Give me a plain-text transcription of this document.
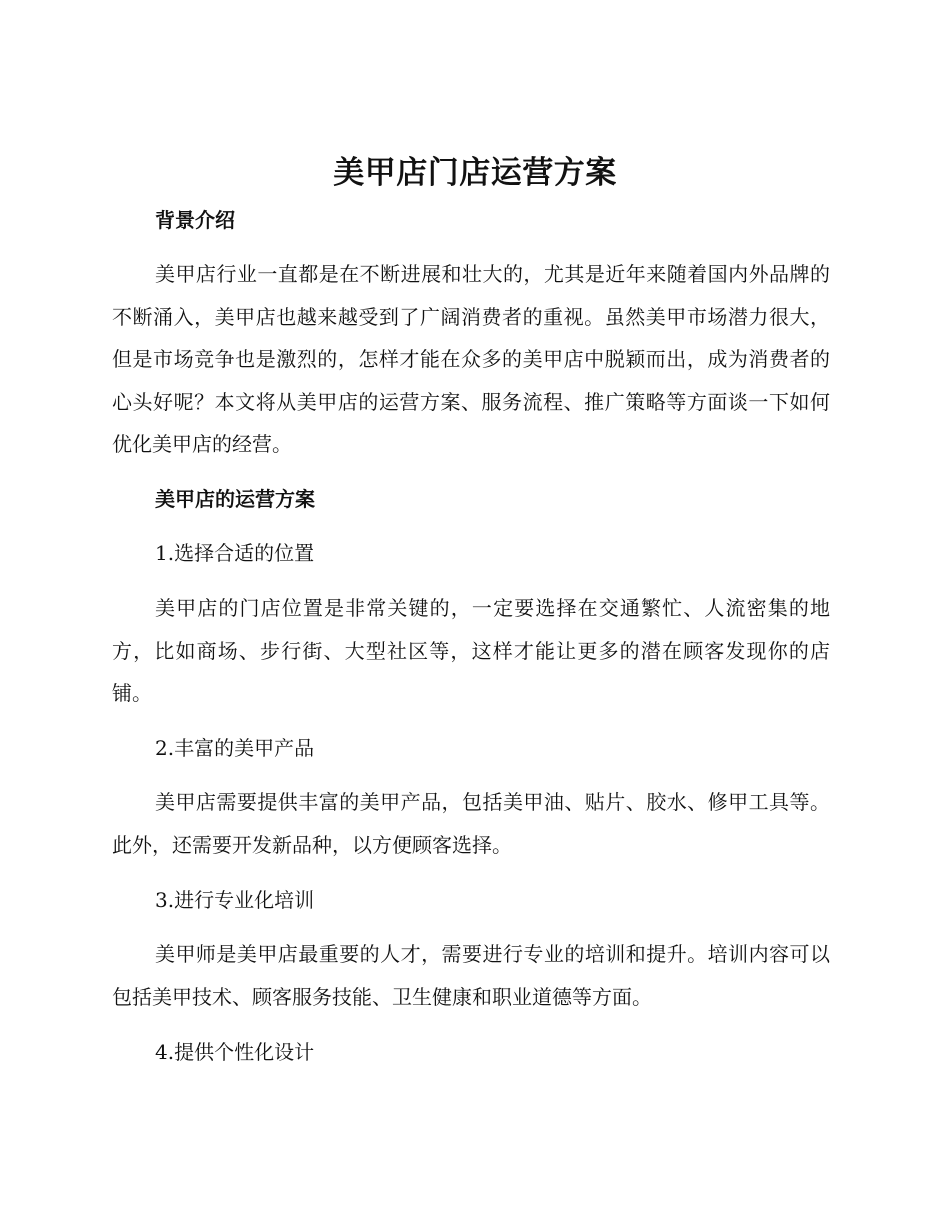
美甲店门店运营方案
背景介绍
美甲店行业一直都是在不断进展和壮大的，尤其是近年来随着国内外品牌的不断涌入，美甲店也越来越受到了广阔消费者的重视。虽然美甲市场潜力很大，但是市场竞争也是激烈的，怎样才能在众多的美甲店中脱颖而出，成为消费者的心头好呢？本文将从美甲店的运营方案、服务流程、推广策略等方面谈一下如何优化美甲店的经营。
美甲店的运营方案
1.选择合适的位置
美甲店的门店位置是非常关键的，一定要选择在交通繁忙、人流密集的地方，比如商场、步行街、大型社区等，这样才能让更多的潜在顾客发现你的店铺。
2.丰富的美甲产品
美甲店需要提供丰富的美甲产品，包括美甲油、贴片、胶水、修甲工具等。此外，还需要开发新品种，以方便顾客选择。
3.进行专业化培训
美甲师是美甲店最重要的人才，需要进行专业的培训和提升。培训内容可以包括美甲技术、顾客服务技能、卫生健康和职业道德等方面。
4.提供个性化设计
